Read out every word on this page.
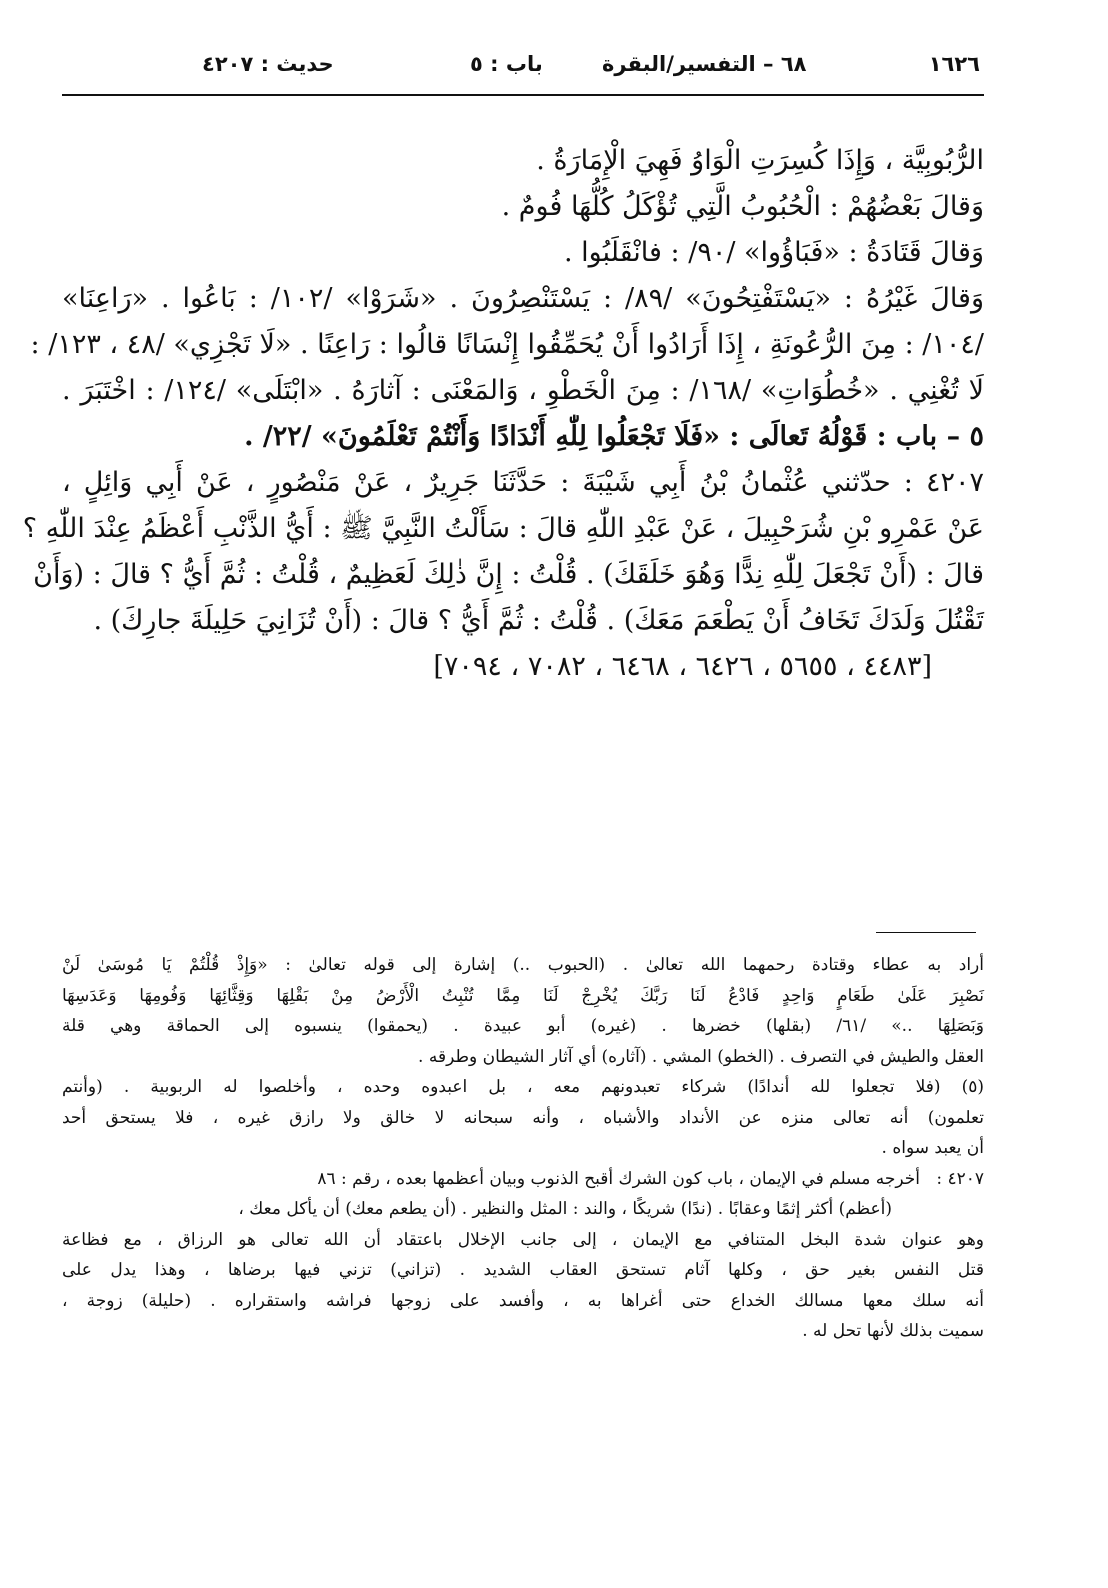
١٦٢٦
٦٨ – التفسير/البقرة
باب : ٥
حديث : ٤٢٠٧
الرُّبُوبِيَّة ، وَإِذَا كُسِرَتِ الْوَاوُ فَهِيَ الْإِمَارَةُ .
وَقالَ بَعْضُهُمْ : الْحُبُوبُ الَّتِي تُؤْكَلُ كُلُّهَا فُومٌ .
وَقالَ قَتَادَةُ : «فَبَاؤُوا» /٩٠/ : فانْقَلَبُوا .
وَقالَ غَيْرُهُ : «يَسْتَفْتِحُونَ» /٨٩/ : يَسْتَنْصِرُونَ . «شَرَوْا» /١٠٢/ : بَاعُوا . «رَاعِنَا»
/١٠٤/ : مِنَ الرُّعُونَةِ ، إِذَا أَرَادُوا أَنْ يُحَمِّقُوا إِنْسَانًا قالُوا : رَاعِنًا . «لَا تَجْزِي» /٤٨ ، ١٢٣/ :
لَا تُغْنِي . «خُطُوَاتِ» /١٦٨/ : مِنَ الْخَطْوِ ، وَالمَعْنَى : آثارَهُ . «ابْتَلَى» /١٢٤/ : اخْتَبَرَ .
٥ – باب : قَوْلُهُ تَعالَى : «فَلَا تَجْعَلُوا لِلّٰهِ أَنْدَادًا وَأَنْتُمْ تَعْلَمُونَ» /٢٢/ .
٤٢٠٧ : حدّثني عُثْمانُ بْنُ أَبِي شَيْبَةَ : حَدَّثَنَا جَرِيرٌ ، عَنْ مَنْصُورٍ ، عَنْ أَبِي وَائِلٍ ،
عَنْ عَمْرِو بْنِ شُرَحْبِيلَ ، عَنْ عَبْدِ اللّٰهِ قالَ : سَأَلْتُ النَّبِيَّ ﷺ : أَيُّ الذَّنْبِ أَعْظَمُ عِنْدَ اللّٰهِ ؟
قالَ : (أَنْ تَجْعَلَ لِلّٰهِ نِدًّا وَهُوَ خَلَقَكَ) . قُلْتُ : إِنَّ ذٰلِكَ لَعَظِيمٌ ، قُلْتُ : ثُمَّ أَيُّ ؟ قالَ : (وَأَنْ
تَقْتُلَ وَلَدَكَ تَخَافُ أَنْ يَطْعَمَ مَعَكَ) . قُلْتُ : ثُمَّ أَيُّ ؟ قالَ : (أَنْ تُزَانِيَ حَلِيلَةَ جارِكَ) .
[٤٤٨٣ ، ٥٦٥٥ ، ٦٤٢٦ ، ٦٤٦٨ ، ٧٠٨٢ ، ٧٠٩٤]
أراد به عطاء وقتادة رحمهما الله تعالىٰ . (الحبوب ..) إشارة إلى قوله تعالىٰ : «وَإِذْ قُلْتُمْ يَا مُوسَىٰ لَنْ
نَصْبِرَ عَلَىٰ طَعَامٍ وَاحِدٍ فَادْعُ لَنَا رَبَّكَ يُخْرِجْ لَنَا مِمَّا تُنْبِتُ الْأَرْضُ مِنْ بَقْلِهَا وَقِثَّائِهَا وَفُومِهَا وَعَدَسِهَا
وَبَصَلِهَا ..» /٦١/ (بقلها) خضرها . (غيره) أبو عبيدة . (يحمقوا) ينسبوه إلى الحماقة وهي قلة
العقل والطيش في التصرف . (الخطو) المشي . (آثاره) أي آثار الشيطان وطرقه .
(٥) (فلا تجعلوا لله أندادًا) شركاء تعبدونهم معه ، بل اعبدوه وحده ، وأخلصوا له الربوبية . (وأنتم
تعلمون) أنه تعالى منزه عن الأنداد والأشباه ، وأنه سبحانه لا خالق ولا رازق غيره ، فلا يستحق أحد
أن يعبد سواه .
٤٢٠٧ :
أخرجه مسلم في الإيمان ، باب كون الشرك أقبح الذنوب وبيان أعظمها بعده ، رقم : ٨٦
(أعظم) أكثر إثمًا وعقابًا . (ندًا) شريكًا ، والند : المثل والنظير . (أن يطعم معك) أن يأكل معك ،
وهو عنوان شدة البخل المتنافي مع الإيمان ، إلى جانب الإخلال باعتقاد أن الله تعالى هو الرزاق ، مع فظاعة
قتل النفس بغير حق ، وكلها آثام تستحق العقاب الشديد . (تزاني) تزني فيها برضاها ، وهذا يدل على
أنه سلك معها مسالك الخداع حتى أغراها به ، وأفسد على زوجها فراشه واستقراره . (حليلة) زوجة ،
سميت بذلك لأنها تحل له .
